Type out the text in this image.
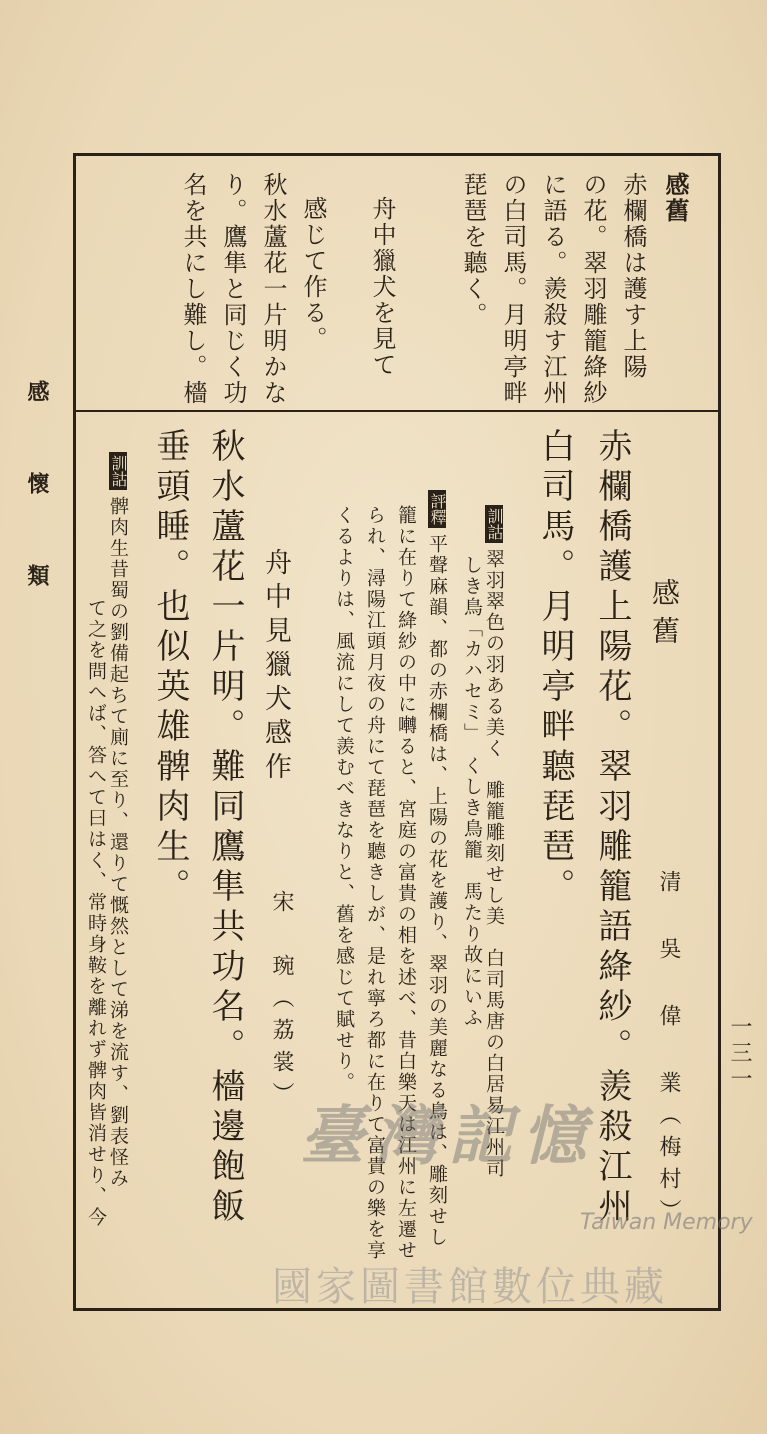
感舊
赤欄橋は護す上陽
の花。翠羽雕籠絳紗
に語る。羨殺す江州
の白司馬。月明亭畔
琵琶を聽く。
舟中獵犬を見て
感じて作る。
秋水蘆花一片明かな
り。鷹隼と同じく功
名を共にし難し。檣
感舊
清 吳 偉 業（梅村）
赤欄橋護上陽花。翠羽雕籠語絳紗。羨殺江州
白司馬。月明亭畔聽琵琶。
訓詁翠羽翠色の羽ある美く　雕籠雕刻せし美　白司馬唐の白居易江州司
しき鳥「カハセミ」　くしき鳥籠　馬たり故にいふ
評釋平聲麻韻、都の赤欄橋は、上陽の花を護り、翠羽の美麗なる鳥は、雕刻せし
籠に在りて絳紗の中に囀ると、宮庭の富貴の相を述べ、昔白樂天は江州に左遷せ
られ、潯陽江頭月夜の舟にて琵琶を聽きしが、是れ寧ろ都に在りて富貴の樂を享
くるよりは、風流にして羨むべきなりと、舊を感じて賦せり。
舟中見獵犬感作
宋　琬（荔裳）
秋水蘆花一片明。難同鷹隼共功名。檣邊飽飯
垂頭睡。也似英雄髀肉生。
訓詁髀肉生昔蜀の劉備起ちて廁に至り、還りて慨然として涕を流す、劉表怪み
て之を問へば、答へて曰はく、常時身鞍を離れず髀肉皆消せり、今
感 懷 類
一三一
臺灣記憶
Taiwan Memory
國家圖書館數位典藏
